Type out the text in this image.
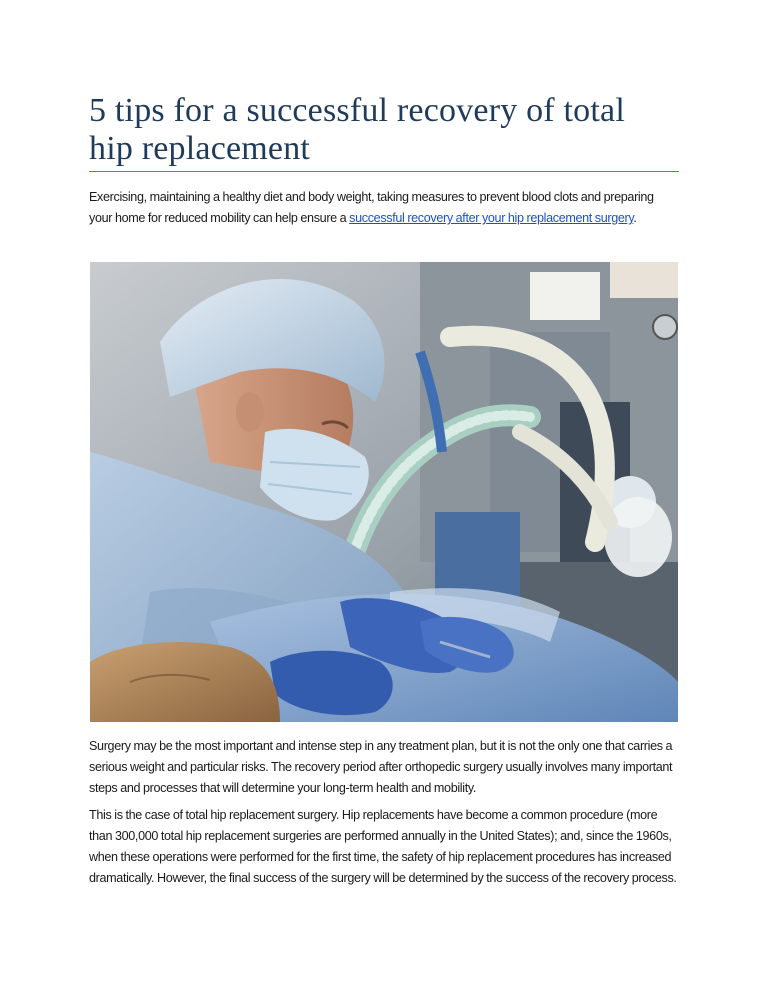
5 tips for a successful recovery of total
hip replacement

Exercising, maintaining a healthy diet and body weight, taking measures to prevent blood clots and preparing your home for reduced mobility can help ensure a successful recovery after your hip replacement surgery.

Surgery may be the most important and intense step in any treatment plan, but it is not the only one that carries a serious weight and particular risks. The recovery period after orthopedic surgery usually involves many important steps and processes that will determine your long-term health and mobility.

This is the case of total hip replacement surgery. Hip replacements have become a common procedure (more than 300,000 total hip replacement surgeries are performed annually in the United States); and, since the 1960s, when these operations were performed for the first time, the safety of hip replacement procedures has increased dramatically. However, the final success of the surgery will be determined by the success of the recovery process.
